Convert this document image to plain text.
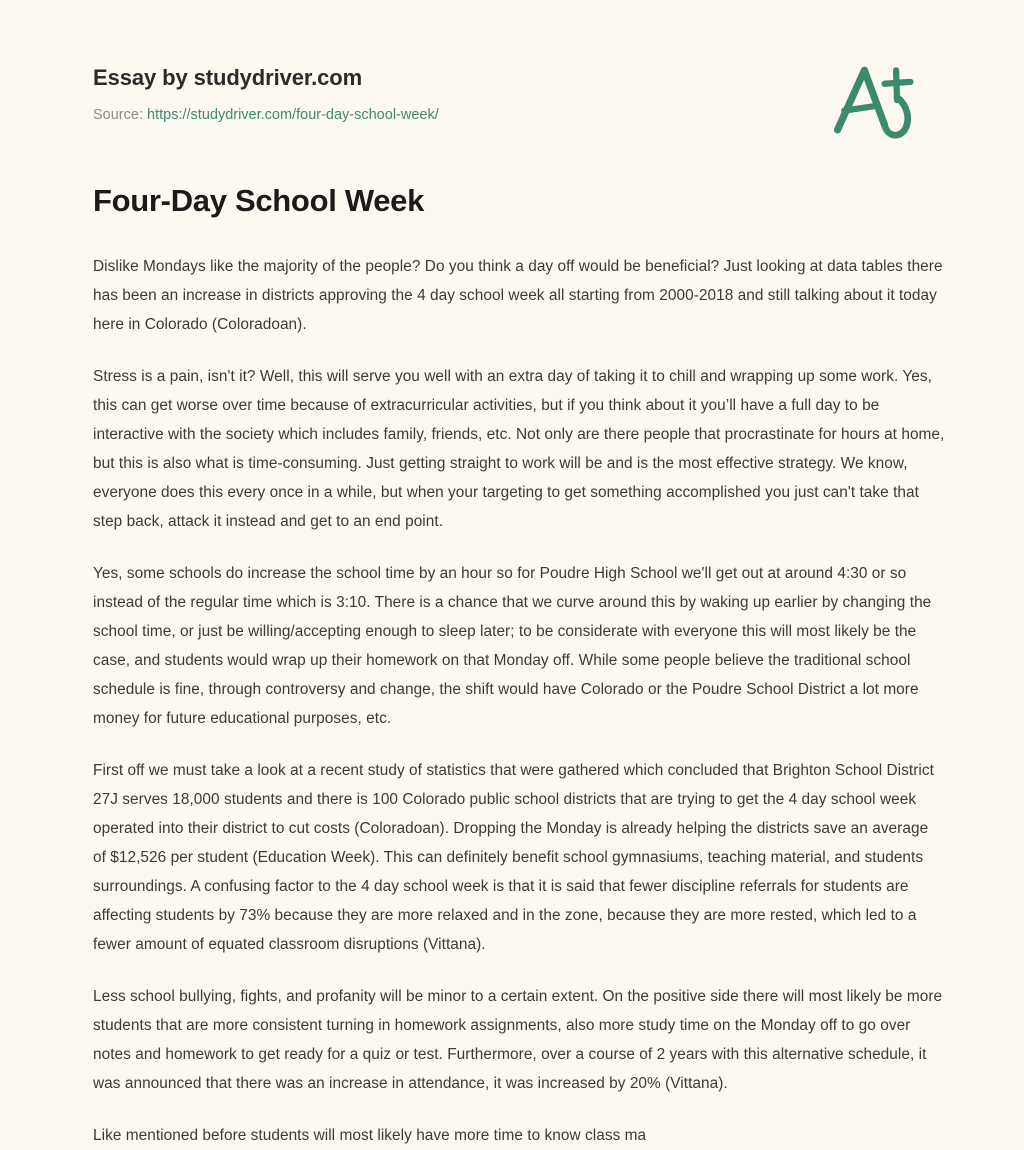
Essay by studydriver.com
Source: https://studydriver.com/four-day-school-week/
Four-Day School Week

Dislike Mondays like the majority of the people? Do you think a day off would be beneficial? Just looking at data tables there has been an increase in districts approving the 4 day school week all starting from 2000-2018 and still talking about it today here in Colorado (Coloradoan).

Stress is a pain, isn't it? Well, this will serve you well with an extra day of taking it to chill and wrapping up some work. Yes, this can get worse over time because of extracurricular activities, but if you think about it you’ll have a full day to be interactive with the society which includes family, friends, etc. Not only are there people that procrastinate for hours at home, but this is also what is time-consuming. Just getting straight to work will be and is the most effective strategy. We know, everyone does this every once in a while, but when your targeting to get something accomplished you just can't take that step back, attack it instead and get to an end point.

Yes, some schools do increase the school time by an hour so for Poudre High School we'll get out at around 4:30 or so instead of the regular time which is 3:10. There is a chance that we curve around this by waking up earlier by changing the school time, or just be willing/accepting enough to sleep later; to be considerate with everyone this will most likely be the case, and students would wrap up their homework on that Monday off. While some people believe the traditional school schedule is fine, through controversy and change, the shift would have Colorado or the Poudre School District a lot more money for future educational purposes, etc.

First off we must take a look at a recent study of statistics that were gathered which concluded that Brighton School District 27J serves 18,000 students and there is 100 Colorado public school districts that are trying to get the 4 day school week operated into their district to cut costs (Coloradoan). Dropping the Monday is already helping the districts save an average of $12,526 per student (Education Week). This can definitely benefit school gymnasiums, teaching material, and students surroundings. A confusing factor to the 4 day school week is that it is said that fewer discipline referrals for students are affecting students by 73% because they are more relaxed and in the zone, because they are more rested, which led to a fewer amount of equated classroom disruptions (Vittana).

Less school bullying, fights, and profanity will be minor to a certain extent. On the positive side there will most likely be more students that are more consistent turning in homework assignments, also more study time on the Monday off to go over notes and homework to get ready for a quiz or test. Furthermore, over a course of 2 years with this alternative schedule, it was announced that there was an increase in attendance, it was increased by 20% (Vittana).

Like mentioned before students will most likely have more time to know class ma
